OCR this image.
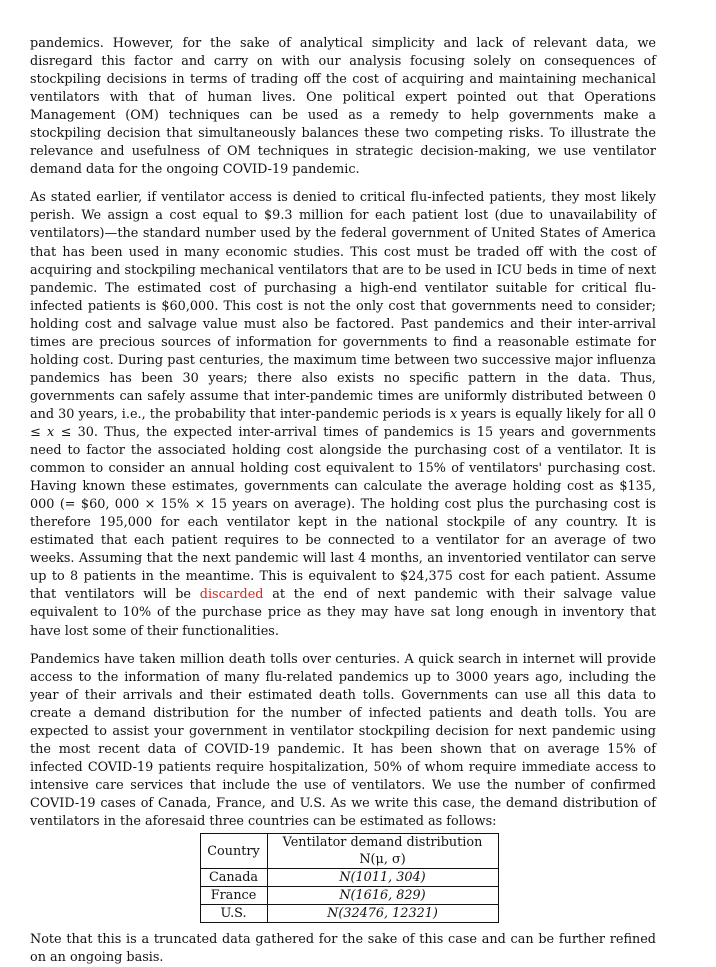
pandemics. However, for the sake of analytical simplicity and lack of relevant data, we disregard this factor and carry on with our analysis focusing solely on consequences of stockpiling decisions in terms of trading off the cost of acquiring and maintaining mechanical ventilators with that of human lives. One political expert pointed out that Operations Management (OM) techniques can be used as a remedy to help governments make a stockpiling decision that simultaneously balances these two competing risks. To illustrate the relevance and usefulness of OM techniques in strategic decision-making, we use ventilator demand data for the ongoing COVID-19 pandemic.

As stated earlier, if ventilator access is denied to critical flu-infected patients, they most likely perish. We assign a cost equal to $9.3 million for each patient lost (due to unavailability of ventilators)—the standard number used by the federal government of United States of America that has been used in many economic studies. This cost must be traded off with the cost of acquiring and stockpiling mechanical ventilators that are to be used in ICU beds in time of next pandemic. The estimated cost of purchasing a high-end ventilator suitable for critical flu-infected patients is $60,000. This cost is not the only cost that governments need to consider; holding cost and salvage value must also be factored. Past pandemics and their inter-arrival times are precious sources of information for governments to find a reasonable estimate for holding cost. During past centuries, the maximum time between two successive major influenza pandemics has been 30 years; there also exists no specific pattern in the data. Thus, governments can safely assume that inter-pandemic times are uniformly distributed between 0 and 30 years, i.e., the probability that inter-pandemic periods is x years is equally likely for all 0 ≤ x ≤ 30. Thus, the expected inter-arrival times of pandemics is 15 years and governments need to factor the associated holding cost alongside the purchasing cost of a ventilator. It is common to consider an annual holding cost equivalent to 15% of ventilators' purchasing cost. Having known these estimates, governments can calculate the average holding cost as $135, 000 (= $60, 000 × 15% × 15 years on average). The holding cost plus the purchasing cost is therefore 195,000 for each ventilator kept in the national stockpile of any country. It is estimated that each patient requires to be connected to a ventilator for an average of two weeks. Assuming that the next pandemic will last 4 months, an inventoried ventilator can serve up to 8 patients in the meantime. This is equivalent to $24,375 cost for each patient. Assume that ventilators will be discarded at the end of next pandemic with their salvage value equivalent to 10% of the purchase price as they may have sat long enough in inventory that have lost some of their functionalities.

Pandemics have taken million death tolls over centuries. A quick search in internet will provide access to the information of many flu-related pandemics up to 3000 years ago, including the year of their arrivals and their estimated death tolls. Governments can use all this data to create a demand distribution for the number of infected patients and death tolls. You are expected to assist your government in ventilator stockpiling decision for next pandemic using the most recent data of COVID-19 pandemic. It has been shown that on average 15% of infected COVID-19 patients require hospitalization, 50% of whom require immediate access to intensive care services that include the use of ventilators. We use the number of confirmed COVID-19 cases of Canada, France, and U.S. As we write this case, the demand distribution of ventilators in the aforesaid three countries can be estimated as follows:

Country	Ventilator demand distribution N(μ, σ)
Canada	N(1011, 304)
France	N(1616, 829)
U.S.	N(32476, 12321)

Note that this is a truncated data gathered for the sake of this case and can be further refined on an ongoing basis.
